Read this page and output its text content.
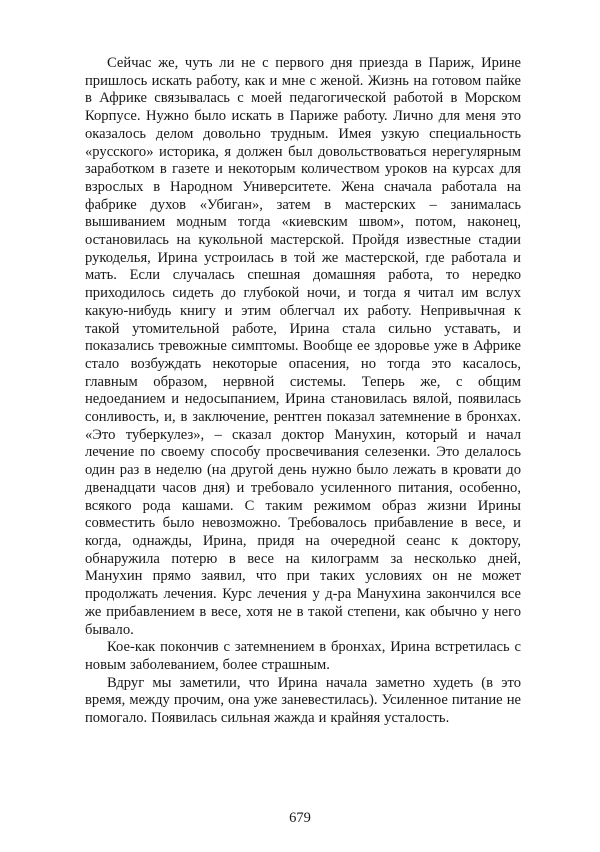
Сейчас же, чуть ли не с первого дня приезда в Париж, Ирине пришлось искать работу, как и мне с женой. Жизнь на готовом пайке в Африке связывалась с моей педагогической работой в Морском Корпусе. Нужно было искать в Париже работу. Лично для меня это оказалось делом довольно трудным. Имея узкую специальность «русского» историка, я должен был довольствоваться нерегулярным заработком в газете и некоторым количеством уроков на курсах для взрослых в Народном Университете. Жена сначала работала на фабрике духов «Убиган», затем в мастерских – занималась вышиванием модным тогда «киевским швом», потом, наконец, остановилась на кукольной мастерской. Пройдя известные стадии рукоделья, Ирина устроилась в той же мастерской, где работала и мать. Если случалась спешная домашняя работа, то нередко приходилось сидеть до глубокой ночи, и тогда я читал им вслух какую-нибудь книгу и этим облегчал их работу. Непривычная к такой утомительной работе, Ирина стала сильно уставать, и показались тревожные симптомы. Вообще ее здоровье уже в Африке стало возбуждать некоторые опасения, но тогда это касалось, главным образом, нервной системы. Теперь же, с общим недоеданием и недосыпанием, Ирина становилась вялой, появилась сонливость, и, в заключение, рентген показал затемнение в бронхах. «Это туберкулез», – сказал доктор Манухин, который и начал лечение по своему способу просвечивания селезенки. Это делалось один раз в неделю (на другой день нужно было лежать в кровати до двенадцати часов дня) и требовало усиленного питания, особенно, всякого рода кашами. С таким режимом образ жизни Ирины совместить было невозможно. Требовалось прибавление в весе, и когда, однажды, Ирина, придя на очередной сеанс к доктору, обнаружила потерю в весе на килограмм за несколько дней, Манухин прямо заявил, что при таких условиях он не может продолжать лечения. Курс лечения у д-ра Манухина закончился все же прибавлением в весе, хотя не в такой степени, как обычно у него бывало.

Кое-как покончив с затемнением в бронхах, Ирина встретилась с новым заболеванием, более страшным.

Вдруг мы заметили, что Ирина начала заметно худеть (в это время, между прочим, она уже заневестилась). Усиленное питание не помогало. Появилась сильная жажда и крайняя усталость.

679
